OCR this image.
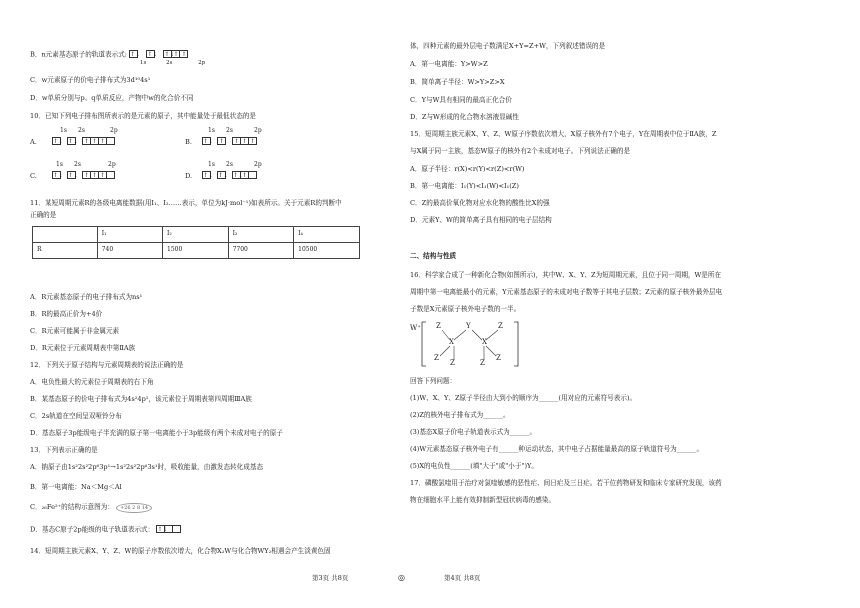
B．n元素基态原子的轨道表示式: ↑↓ ↑↓ ↑↓↑ ↑
1s	2s	2p
C．w元素原子的价电子排布式为3d¹⁰4s¹
D．w单质分别与p、q单质反应，产物中w的化合价不同
10．已知下列电子排布图所表示的是元素的原子，其中能量处于最低状态的是
A.
1s 2s	2p
↑↓ ↑↓ ↑ ↑ ↑	B.
1s 2s	2p
↑↓ ↑ ↑ ↑ ↑
C.
1s 2s	2p
↑↓ ↑↓ ↑ ↑ ↑	D.
1s 2s	2p
↑↓ ↑↓ ↑↓↑
11．某短周期元素R的各级电离能数据(用I₁、I₂……表示，单位为kJ·mol⁻¹)如表所示。关于元素R的判断中
正确的是
	I₁	I₂	I₃	I₄
R	740	1500	7700	10500
A．R元素基态原子的电子排布式为ns¹
B．R的最高正价为+4价
C．R元素可能属于非金属元素
D．R元素位于元素周期表中第ⅡA族
12．下列关于原子结构与元素周期表的说法正确的是
A．电负性最大的元素位于周期表的右下角
B．某基态原子的价电子排布式为4s²4p¹，该元素位于周期表第四周期ⅢA族
C．2s轨道在空间呈双哑铃分布
D．基态原子3p能级电子半充满的原子第一电离能小于3p能级有两个未成对电子的原子
13．下列表示正确的是
A．钠原子由1s²2s²2p⁶3p¹→1s²2s²2p⁶3s¹时，吸收能量，由激发态转化成基态
B．第一电离能：Na＜Mg＜Al
C．₂₆Fe²⁺的结构示意图为： +26 2 8 14
D．基态C原子2p能级的电子轨道表示式： ↑↓
14．短周期主族元素X、Y、Z、W的原子序数依次增大，化合物X₂W与化合物WY₂相遇会产生淡黄色固
体，四种元素的最外层电子数满足X+Y=Z+W，下列叙述错误的是
A．第一电离能：Y>W>Z
B．简单离子半径：W>Y>Z>X
C．Y与W具有相同的最高正化合价
D．Z与W形成的化合物水溶液显碱性
15．短周期主族元素X、Y、Z、W原子序数依次增大，X原子核外有7个电子，Y在周期表中位于ⅡA族，Z
与X属于同一主族，基态W原子的核外有2个未成对电子。下列说法正确的是
A．原子半径：r(X)<r(Y)<r(Z)<r(W)
B．第一电离能：I₁(Y)<I₁(W)<I₁(Z)
C．Z的最高价氧化物对应水化物的酸性比X的强
D．元素Y、W的简单离子具有相同的电子层结构
二、结构与性质
16．科学家合成了一种新化合物(如图所示)，其中W、X、Y、Z为短周期元素，且位于同一周期，W是所在
周期中第一电离能最小的元素，Y元素基态原子的未成对电子数等于其电子层数；Z元素的原子核外最外层电
子数是X元素原子核外电子数的一半。
回答下列问题：
(1)W、X、Y、Z原子半径由大到小的顺序为______(用对应的元素符号表示)。
(2)Z的核外电子排布式为______。
(3)基态X原子价电子轨道表示式为______。
(4)W元素基态原子核外电子有______种运动状态，其中电子占据能量最高的原子轨道符号为______。
(5)X的电负性______(填"大于"或"小于")Y。
17．磷酸氯喹用于治疗对氯喹敏感的恶性疟、间日疟及三日疟。若干位药物研发和临床专家研究发现，该药
物在细胞水平上能有效抑制新型冠状病毒的感染。
W⁺ Z
Z
X
Y
X
Z
Z
Z	Z
第3页 共8页	◎	第4页 共8页
